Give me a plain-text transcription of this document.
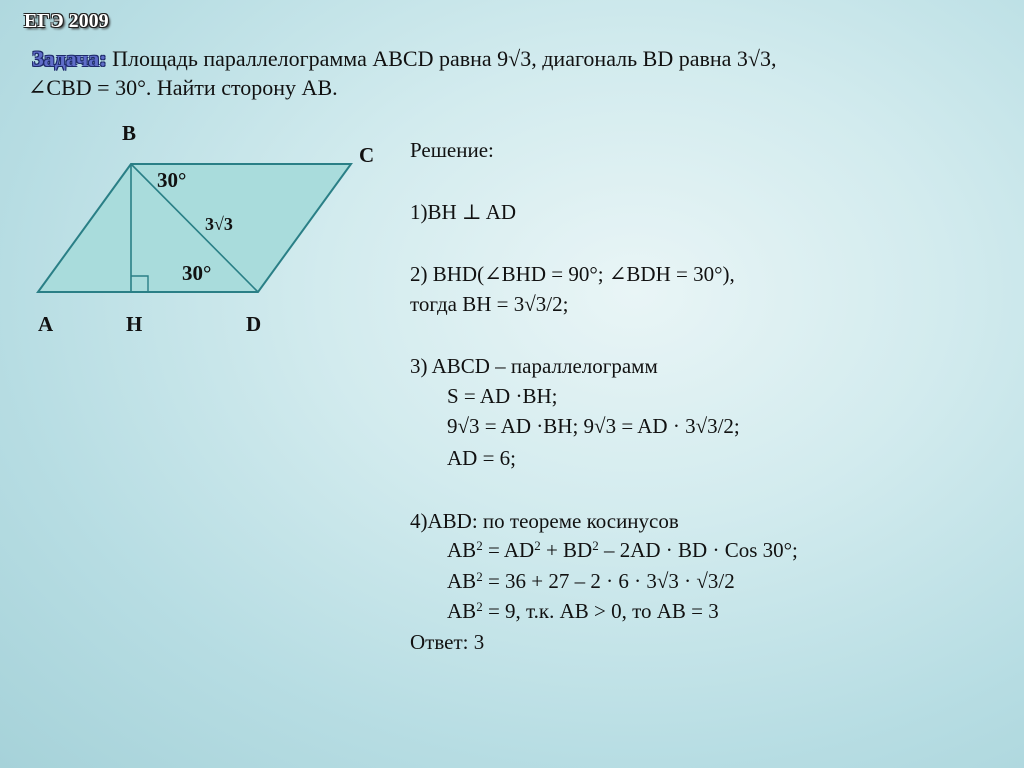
ЕГЭ 2009
Задача: Площадь параллелограмма ABCD равна 9√3, диагональ BD равна 3√3,
∠CBD = 30°. Найти сторону AB.
B
C
A	H	D
30°
3√3
30°
Решение:
1)BH ⊥ AD
2) BHD(∠BHD = 90°; ∠BDH = 30°),
тогда BH = 3√3/2;
3) ABCD – параллелограмм
S = AD ·BH;
9√3 = AD ·BH; 9√3 = AD · 3√3/2;
AD = 6;
4)ABD: по теореме косинусов
$AB^2 = AD^2 + BD^2 - 2AD$ · BD · Cos 30°;
$AB^2 = 36 + 27 - 2 \cdot 6 \cdot 3√3 \cdot √3/2$
$AB^2 = 9$, т.к. AB > 0, то AB = 3
Ответ: 3
